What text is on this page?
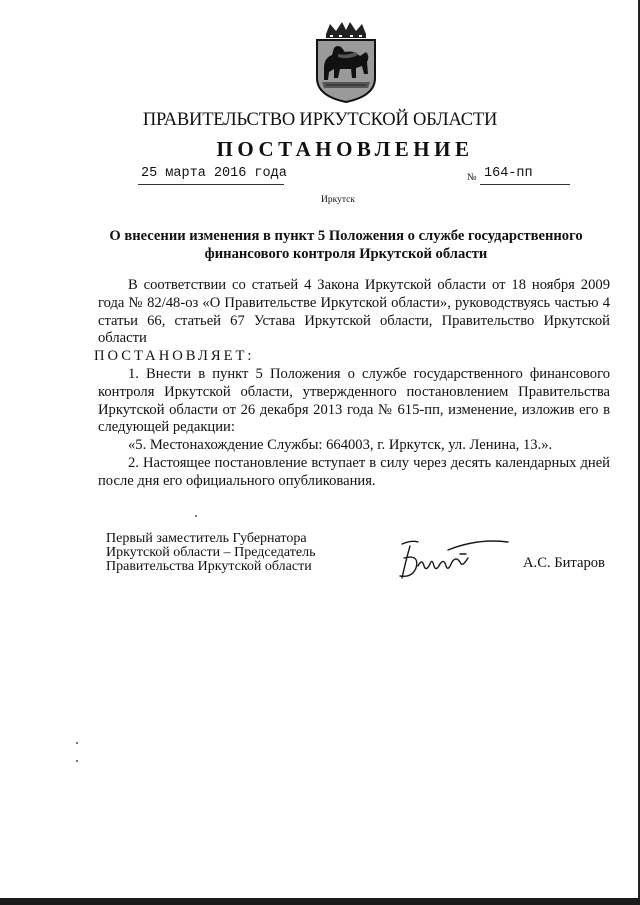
ПРАВИТЕЛЬСТВО ИРКУТСКОЙ ОБЛАСТИ
ПОСТАНОВЛЕНИЕ
25 марта 2016 года	№ 164-пп
Иркутск
О внесении изменения в пункт 5 Положения о службе государственного
финансового контроля Иркутской области

В соответствии со статьей 4 Закона Иркутской области от 18 ноября 2009 года № 82/48-оз «О Правительстве Иркутской области», руководствуясь частью 4 статьи 66, статьей 67 Устава Иркутской области, Правительство Иркутской области

ПОСТАНОВЛЯЕТ:

1. Внести в пункт 5 Положения о службе государственного финансового контроля Иркутской области, утвержденного постановлением Правительства Иркутской области от 26 декабря 2013 года № 615-пп, изменение, изложив его в следующей редакции:

«5. Местонахождение Службы: 664003, г. Иркутск, ул. Ленина, 13.».

2. Настоящее постановление вступает в силу через десять календарных дней после дня его официального опубликования.

Первый заместитель Губернатора
Иркутской области – Председатель
Правительства Иркутской области	А.С. Битаров
